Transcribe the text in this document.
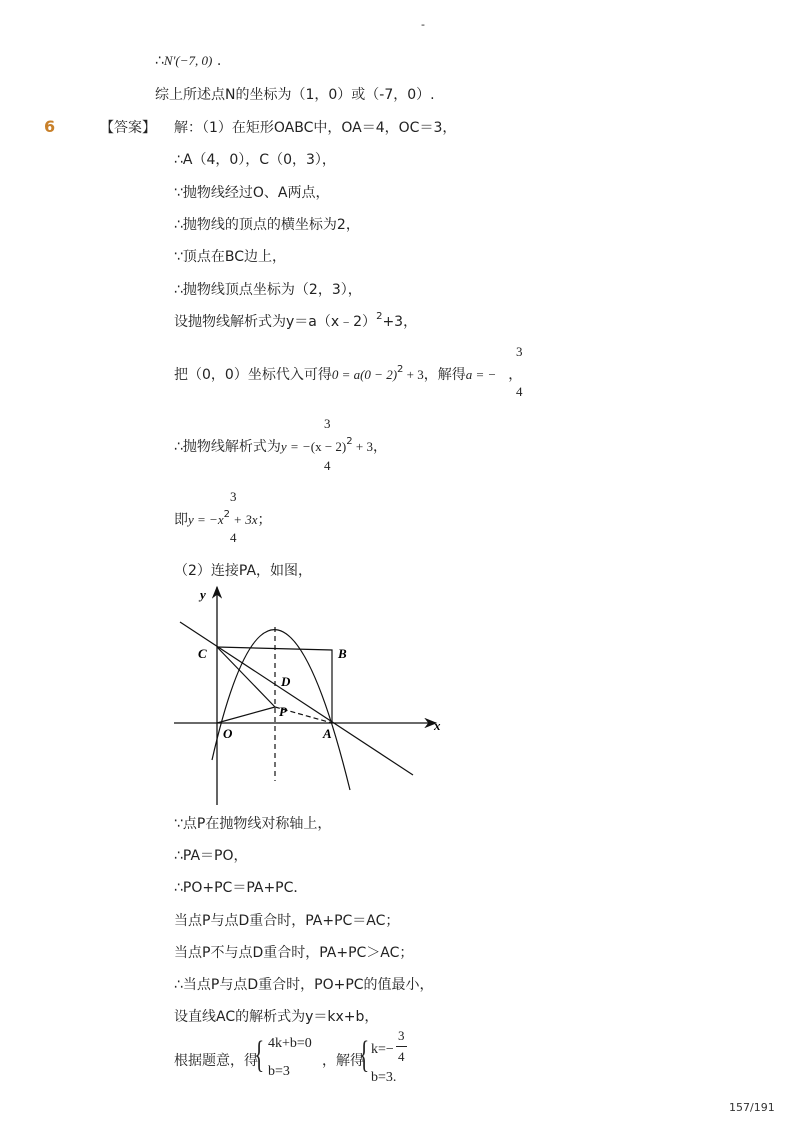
-
∴N′(−7, 0) .
综上所述点N的坐标为（1，0）或（-7，0）.
6	【答案】 解：（1）在矩形OABC中，OA＝4，OC＝3，
∴A（4，0），C（0，3），
∵抛物线经过O、A两点，
∴抛物线的顶点的横坐标为2，
∵顶点在BC边上，
∴抛物线顶点坐标为（2，3），
设抛物线解析式为y＝a（x﹣2）$^2$+3，
把（0，0）坐标代入可得$0 = a(0 - 2)^2 + 3$，解得a = − ，
3
4
∴抛物线解析式为$y = -(x - 2)^2 + 3$，
3
4
即$y = -x^2 + 3x$；
3
4
（2）连接PA，如图，
y
x
C	B
D
P
O	A
∵点P在抛物线对称轴上，
∴PA＝PO，
∴PO+PC＝PA+PC．
当点P与点D重合时，PA+PC＝AC；
当点P不与点D重合时，PA+PC＞AC；
∴当点P与点D重合时，PO+PC的值最小，
设直线AC的解析式为y＝kx+b，
根据题意，得
{ 4k+b=0
b=3
，解得
{ k=−
3
4
b=3.
157/191
